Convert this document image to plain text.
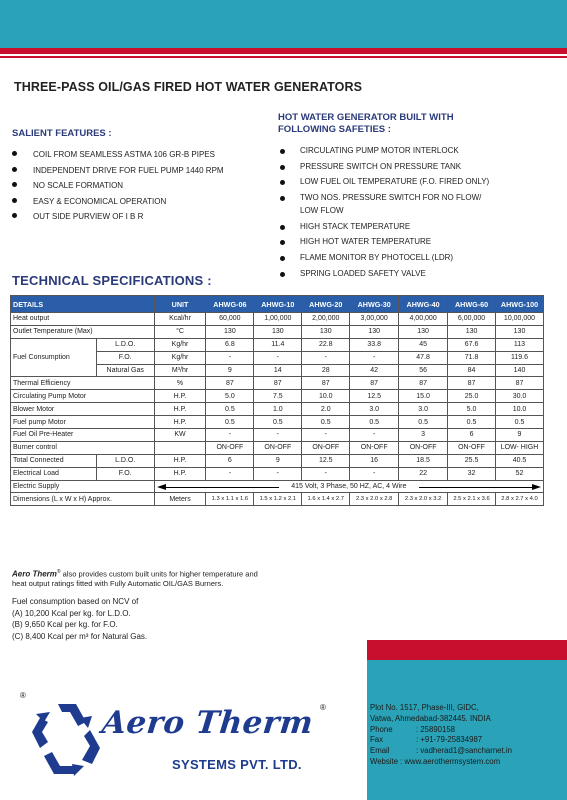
THREE-PASS OIL/GAS FIRED HOT WATER GENERATORS
SALIENT FEATURES :
COIL FROM SEAMLESS ASTMA 106 GR-B PIPES
INDEPENDENT DRIVE FOR FUEL PUMP 1440 RPM
NO SCALE FORMATION
EASY & ECONOMICAL OPERATION
OUT SIDE PURVIEW OF I B R
HOT WATER GENERATOR BUILT WITH
FOLLOWING SAFETIES :
CIRCULATING PUMP MOTOR INTERLOCK
PRESSURE SWITCH ON PRESSURE TANK
LOW FUEL OIL TEMPERATURE (F.O. FIRED ONLY)
TWO NOS. PRESSURE SWITCH FOR NO FLOW/
LOW FLOW
HIGH STACK TEMPERATURE
HIGH HOT WATER TEMPERATURE
FLAME MONITOR BY PHOTOCELL (LDR)
SPRING LOADED SAFETY VALVE
TECHNICAL SPECIFICATIONS :
DETAILS		UNIT	AHWG-06	AHWG-10	AHWG-20	AHWG-30	AHWG-40	AHWG-60	AHWG-100
Heat output		Kcal/hr	60,000	1,00,000	2,00,000	3,00,000	4,00,000	6,00,000	10,00,000
Outlet Temperature (Max)		°C	130	130	130	130	130	130	130
Fuel Consumption	L.D.O.	Kg/hr	6.8	11.4	22.8	33.8	45	67.6	113
	F.O.	Kg/hr	-	-	-	-	47.8	71.8	119.6
	Natural Gas	M³/hr	9	14	28	42	56	84	140
Thermal Efficiency		%	87	87	87	87	87	87	87
Circulating Pump Motor		H.P.	5.0	7.5	10.0	12.5	15.0	25.0	30.0
Blower Motor		H.P.	0.5	1.0	2.0	3.0	3.0	5.0	10.0
Fuel pump Motor		H.P.	0.5	0.5	0.5	0.5	0.5	0.5	0.5
Fuel Oil Pre-Heater		KW	-	-	-	-	3	6	9
Burner control			ON-OFF	ON-OFF	ON-OFF	ON-OFF	ON-OFF	ON-OFF	LOW- HIGH
Total Connected	L.D.O.	H.P.	6	9	12.5	16	18.5	25.5	40.5
Electrical Load	F.O.	H.P.	-	-	-	-	22	32	52
Electric Supply		415 Volt, 3 Phase, 50 HZ, AC, 4 Wire							

Dimensions (L x W x H) Approx.		Meters	1.3 x 1.1 x 1.6	1.5 x 1.2 x 2.1	1.6 x 1.4 x 2.7	2.3 x 2.0 x 2.8	2.3 x 2.0 x 3.2	2.5 x 2.1 x 3.6	2.8 x 2.7 x 4.0
Aero Therm® also provides custom built units for higher temperature and
heat output ratings fitted with Fully Automatic OIL/GAS Burners.
Fuel consumption based on NCV of
(A) 10,200 Kcal per kg. for L.D.O.
(B) 9,650 Kcal per kg. for F.O.
(C) 8,400 Kcal per m³ for Natural Gas.
Plot No. 1517, Phase-III, GIDC,
Vatwa, Ahmedabad-382445. INDIA
Phone	: 25890158
Fax	: +91-79-25834987
Email	: vadherad1@sancharnet.in
Website : www.aerothermsystem.com
®
®
Aero Therm
SYSTEMS PVT. LTD.
